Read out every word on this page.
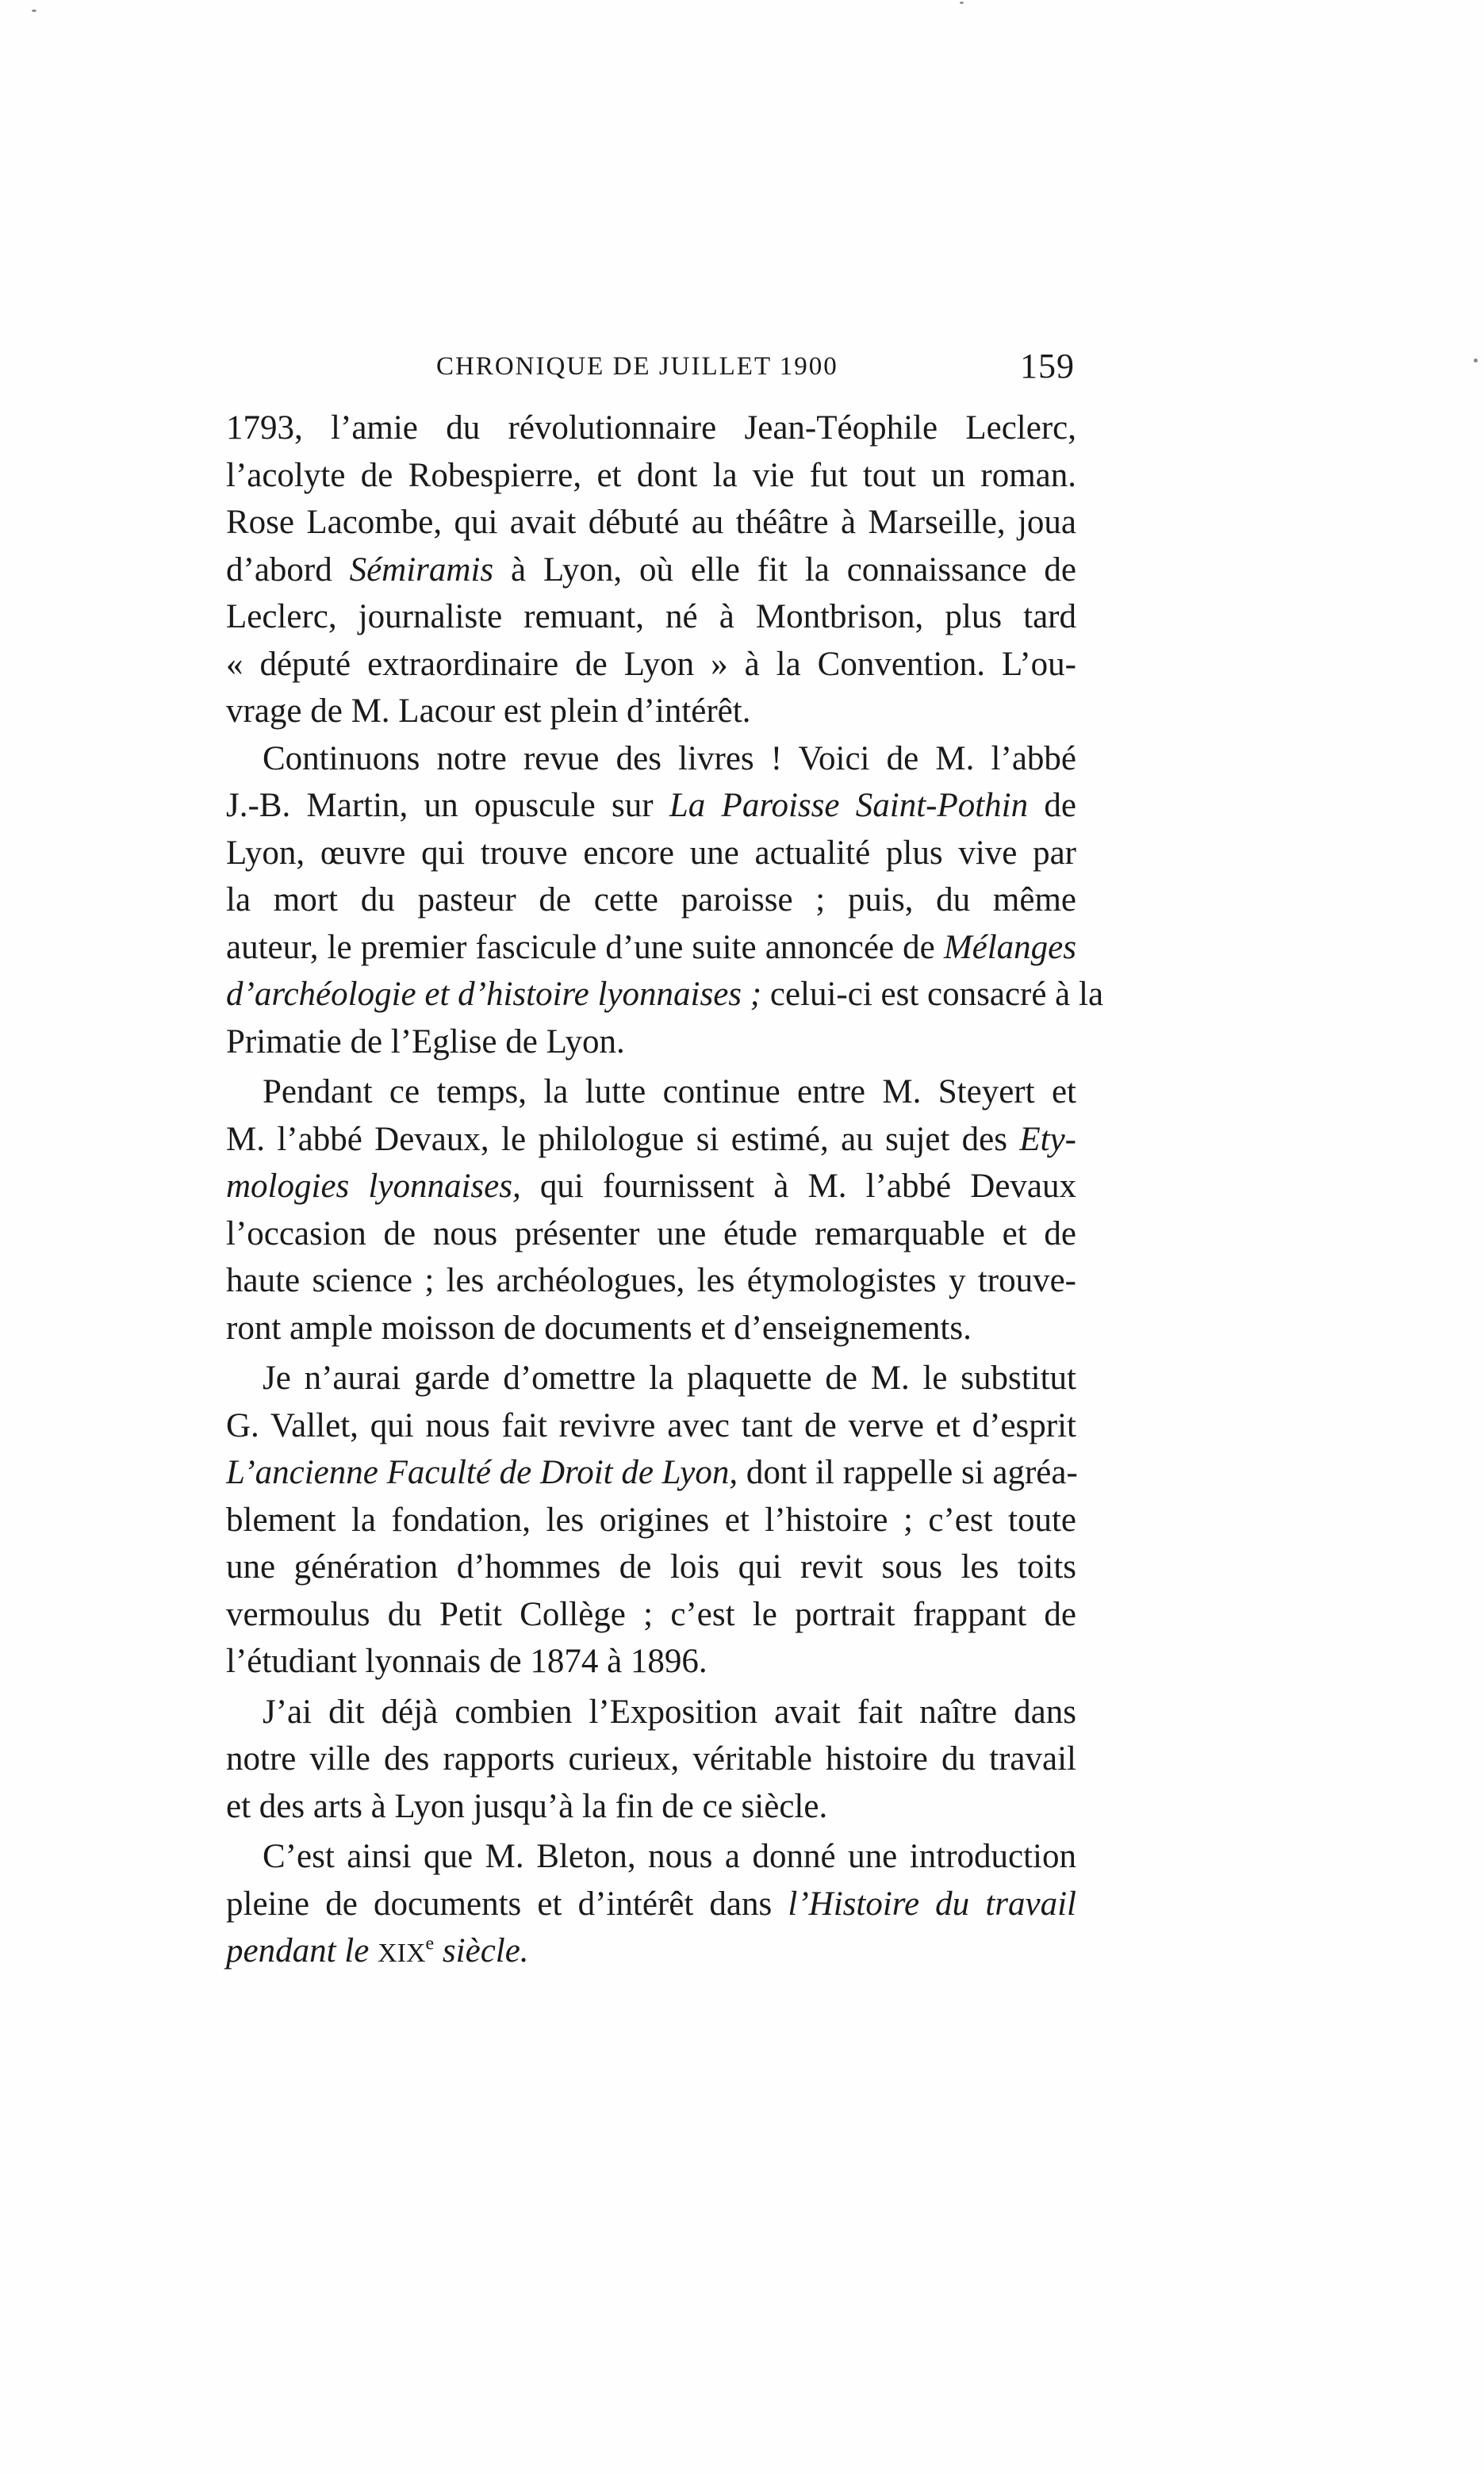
CHRONIQUE DE JUILLET 1900	159
1793, l’amie du révolutionnaire Jean-Téophile Leclerc,
l’acolyte de Robespierre, et dont la vie fut tout un roman.
Rose Lacombe, qui avait débuté au théâtre à Marseille, joua
d’abord Sémiramis à Lyon, où elle fit la connaissance de
Leclerc, journaliste remuant, né à Montbrison, plus tard
« député extraordinaire de Lyon » à la Convention. L’ou-
vrage de M. Lacour est plein d’intérêt.
Continuons notre revue des livres ! Voici de M. l’abbé
J.-B. Martin, un opuscule sur La Paroisse Saint-Pothin de
Lyon, œuvre qui trouve encore une actualité plus vive par
la mort du pasteur de cette paroisse ; puis, du même
auteur, le premier fascicule d’une suite annoncée de Mélanges
d’archéologie et d’histoire lyonnaises ; celui-ci est consacré à la
Primatie de l’Eglise de Lyon.
Pendant ce temps, la lutte continue entre M. Steyert et
M. l’abbé Devaux, le philologue si estimé, au sujet des Ety-
mologies lyonnaises, qui fournissent à M. l’abbé Devaux
l’occasion de nous présenter une étude remarquable et de
haute science ; les archéologues, les étymologistes y trouve-
ront ample moisson de documents et d’enseignements.
Je n’aurai garde d’omettre la plaquette de M. le substitut
G. Vallet, qui nous fait revivre avec tant de verve et d’esprit
L’ancienne Faculté de Droit de Lyon, dont il rappelle si agréa-
blement la fondation, les origines et l’histoire ; c’est toute
une génération d’hommes de lois qui revit sous les toits
vermoulus du Petit Collège ; c’est le portrait frappant de
l’étudiant lyonnais de 1874 à 1896.
J’ai dit déjà combien l’Exposition avait fait naître dans
notre ville des rapports curieux, véritable histoire du travail
et des arts à Lyon jusqu’à la fin de ce siècle.
C’est ainsi que M. Bleton, nous a donné une introduction
pleine de documents et d’intérêt dans l’Histoire du travail
pendant le XIXe siècle.
